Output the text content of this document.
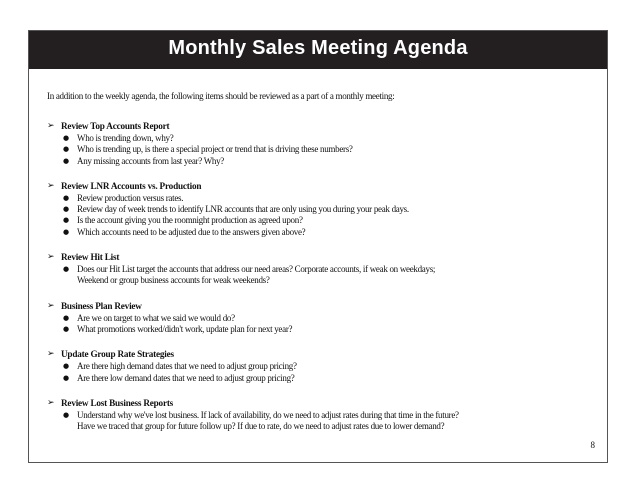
Monthly Sales Meeting Agenda

In addition to the weekly agenda, the following items should be reviewed as a part of a monthly meeting:

➢ Review Top Accounts Report
● Who is trending down, why?
● Who is trending up, is there a special project or trend that is driving these numbers?
● Any missing accounts from last year? Why?
➢ Review LNR Accounts vs. Production
● Review production versus rates.
● Review day of week trends to identify LNR accounts that are only using you during your peak days.
● Is the account giving you the roomnight production as agreed upon?
● Which accounts need to be adjusted due to the answers given above?
➢ Review Hit List
● Does our Hit List target the accounts that address our need areas? Corporate accounts, if weak on weekdays;
Weekend or group business accounts for weak weekends?
➢ Business Plan Review
● Are we on target to what we said we would do?
● What promotions worked/didn't work, update plan for next year?
➢ Update Group Rate Strategies
● Are there high demand dates that we need to adjust group pricing?
● Are there low demand dates that we need to adjust group pricing?
➢ Review Lost Business Reports
● Understand why we've lost business. If lack of availability, do we need to adjust rates during that time in the future?
Have we traced that group for future follow up? If due to rate, do we need to adjust rates due to lower demand?
8
